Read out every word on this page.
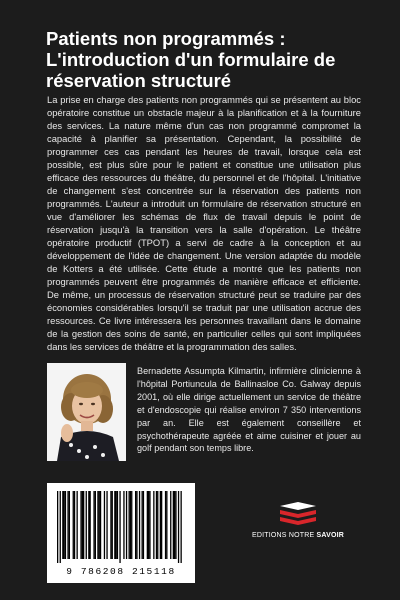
Patients non programmés :
L'introduction d'un formulaire de
réservation structuré

La prise en charge des patients non programmés qui se présentent au bloc opératoire constitue un obstacle majeur à la planification et à la fourniture des services. La nature même d'un cas non programmé compromet la capacité à planifier sa présentation. Cependant, la possibilité de programmer ces cas pendant les heures de travail, lorsque cela est possible, est plus sûre pour le patient et constitue une utilisation plus efficace des ressources du théâtre, du personnel et de l'hôpital. L'initiative de changement s'est concentrée sur la réservation des patients non programmés. L'auteur a introduit un formulaire de réservation structuré en vue d'améliorer les schémas de flux de travail depuis le point de réservation jusqu'à la transition vers la salle d'opération. Le théâtre opératoire productif (TPOT) a servi de cadre à la conception et au développement de l'idée de changement. Une version adaptée du modèle de Kotters a été utilisée. Cette étude a montré que les patients non programmés peuvent être programmés de manière efficace et efficiente. De même, un processus de réservation structuré peut se traduire par des économies considérables lorsqu'il se traduit par une utilisation accrue des ressources. Ce livre intéressera les personnes travaillant dans le domaine de la gestion des soins de santé, en particulier celles qui sont impliquées dans les services de théâtre et la programmation des salles.

Bernadette Assumpta Kilmartin, infirmière clinicienne à l'hôpital Portiuncula de Ballinasloe Co. Galway depuis 2001, où elle dirige actuellement un service de théâtre et d'endoscopie qui réalise environ 7 350 interventions par an. Elle est également conseillère et psychothérapeute agréée et aime cuisiner et jouer au golf pendant son temps libre.

9 786208 215118
EDITIONS NOTRE SAVOIR
